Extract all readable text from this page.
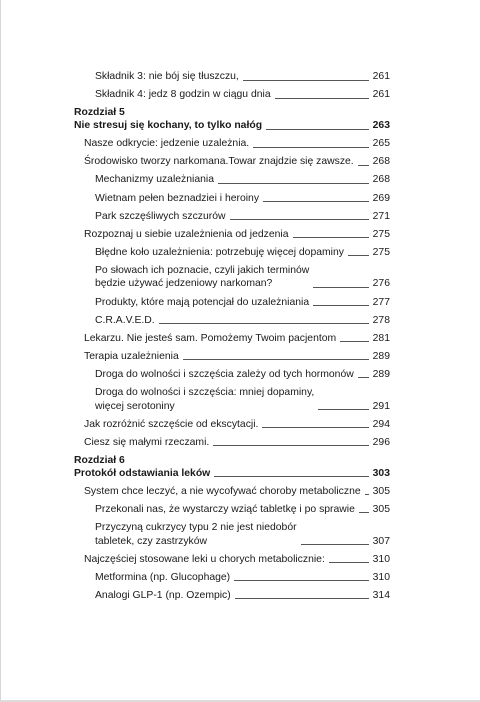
Składnik 3: nie bój się tłuszczu,	261
Składnik 4: jedz 8 godzin w ciągu dnia	261
Rozdział 5
Nie stresuj się kochany, to tylko nałóg	263
Nasze odkrycie: jedzenie uzależnia.	265
Środowisko tworzy narkomana.Towar znajdzie się zawsze. 268
Mechanizmy uzależniania	268
Wietnam pełen beznadziei i heroiny	269
Park szczęśliwych szczurów	271
Rozpoznaj u siebie uzależnienia od jedzenia	275
Błędne koło uzależnienia: potrzebuję więcej dopaminy	275
Po słowach ich poznacie, czyli jakich terminów
będzie używać jedzeniowy narkoman?	276
Produkty, które mają potencjał do uzależniania	277
C.R.A.V.E.D.	278
Lekarzu. Nie jesteś sam. Pomożemy Twoim pacjentom	281
Terapia uzależnienia	289
Droga do wolności i szczęścia zależy od tych hormonów 289
Droga do wolności i szczęścia: mniej dopaminy,
więcej serotoniny	291
Jak rozróżnić szczęście od ekscytacji.	294
Ciesz się małymi rzeczami.	296
Rozdział 6
Protokół odstawiania leków	303
System chce leczyć, a nie wycofywać choroby metaboliczne 305
Przekonali nas, że wystarczy wziąć tabletkę i po sprawie 305
Przyczyną cukrzycy typu 2 nie jest niedobór
tabletek, czy zastrzyków	307
Najczęściej stosowane leki u chorych metabolicznie:	310
Metformina (np. Glucophage)	310
Analogi GLP-1 (np. Ozempic)	314
